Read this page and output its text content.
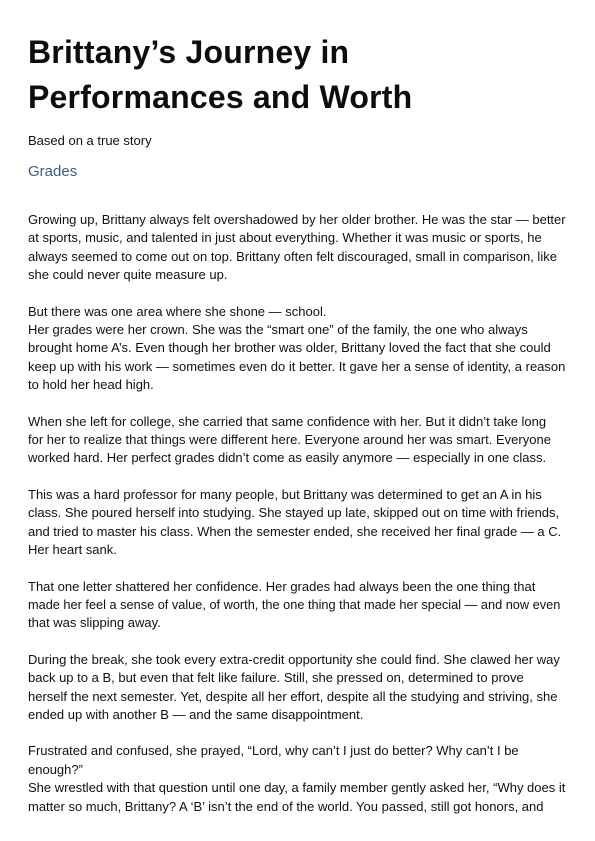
Brittany’s Journey in
Performances and Worth

Based on a true story

Grades

Growing up, Brittany always felt overshadowed by her older brother. He was the star — better
at sports, music, and talented in just about everything. Whether it was music or sports, he
always seemed to come out on top. Brittany often felt discouraged, small in comparison, like
she could never quite measure up.

But there was one area where she shone — school.
Her grades were her crown. She was the “smart one” of the family, the one who always
brought home A’s. Even though her brother was older, Brittany loved the fact that she could
keep up with his work — sometimes even do it better. It gave her a sense of identity, a reason
to hold her head high.

When she left for college, she carried that same confidence with her. But it didn’t take long
for her to realize that things were different here. Everyone around her was smart. Everyone
worked hard. Her perfect grades didn’t come as easily anymore — especially in one class.

This was a hard professor for many people, but Brittany was determined to get an A in his
class. She poured herself into studying. She stayed up late, skipped out on time with friends,
and tried to master his class. When the semester ended, she received her final grade — a C.
Her heart sank.

That one letter shattered her confidence. Her grades had always been the one thing that
made her feel a sense of value, of worth, the one thing that made her special — and now even
that was slipping away.

During the break, she took every extra-credit opportunity she could find. She clawed her way
back up to a B, but even that felt like failure. Still, she pressed on, determined to prove
herself the next semester. Yet, despite all her effort, despite all the studying and striving, she
ended up with another B — and the same disappointment.

Frustrated and confused, she prayed, “Lord, why can’t I just do better? Why can’t I be
enough?”
She wrestled with that question until one day, a family member gently asked her, “Why does it
matter so much, Brittany? A ‘B’ isn’t the end of the world. You passed, still got honors, and
